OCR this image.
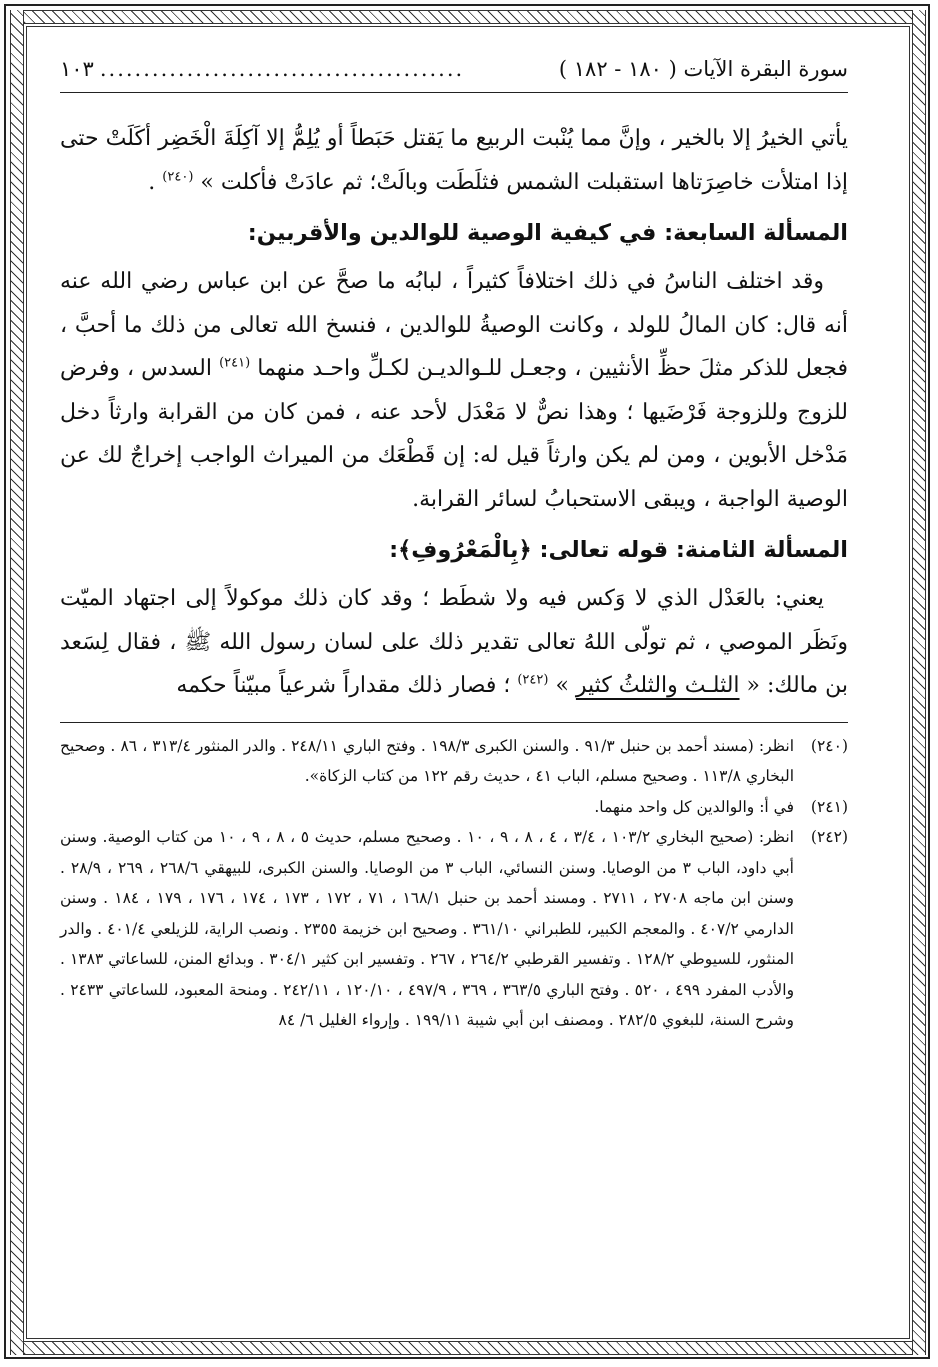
سورة البقرة الآيات ( ١٨٠ - ١٨٢ )
..........................................
١٠٣

يأتي الخيرُ إلا بالخير ، وإنَّ مما يُنْبت الربيع ما يَقتل حَبَطاً أو يُلِمُّ إلا آكِلَةَ الْخَضِر أكَلَتْ حتى إذا امتلأت خاصِرَتاها استقبلت الشمس فثلَطَت وبالَتْ؛ ثم عادَتْ فأكلت » $^{(٢٤٠)}$ .

المسألة السابعة: في كيفية الوصية للوالدين والأقربين:

وقد اختلف الناسُ في ذلك اختلافاً كثيراً ، لبابُه ما صحَّ عن ابن عباس رضي الله عنه أنه قال: كان المالُ للولد ، وكانت الوصيةُ للوالدين ، فنسخ الله تعالى من ذلك ما أحبَّ ، فجعل للذكر مثلَ حظِّ الأنثيين ، وجعـل للـوالديـن لكـلِّ واحـد منهما $^{(٢٤١)}$ السدس ، وفرض للزوج وللزوجة فَرْضَيها ؛ وهذا نصٌّ لا مَعْدَل لأحد عنه ، فمن كان من القرابة وارثاً دخل مَدْخل الأبوين ، ومن لم يكن وارثاً قيل له: إن قَطْعَك من الميراث الواجب إخراجٌ لك عن الوصية الواجبة ، ويبقى الاستحبابُ لسائر القرابة.

المسألة الثامنة: قوله تعالى: ﴿بِالْمَعْرُوفِ﴾:

يعني: بالعَدْل الذي لا وَكس فيه ولا شطَط ؛ وقد كان ذلك موكولاً إلى اجتهاد الميّت ونَظَر الموصي ، ثم تولّى اللهُ تعالى تقدير ذلك على لسان رسول الله ﷺ ، فقال لِسَعد بن مالك: « الثلـث والثلثُ كثير » $^{(٢٤٢)}$ ؛ فصار ذلك مقداراً شرعياً مبيّناً حكمه

(٢٤٠)
انظر: (مسند أحمد بن حنبل ٩١/٣ . والسنن الكبرى ١٩٨/٣ . وفتح الباري ٢٤٨/١١ . والدر المنثور ٣١٣/٤ ، ٨٦ . وصحيح البخاري ١١٣/٨ . وصحيح مسلم، الباب ٤١ ، حديث رقم ١٢٢ من كتاب الزكاة».
(٢٤١)
في أ: والوالدين كل واحد منهما.
(٢٤٢)
انظر: (صحيح البخاري ١٠٣/٢ ، ٣/٤ ، ٤ ، ٨ ، ٩ ، ١٠ . وصحيح مسلم، حديث ٥ ، ٨ ، ٩ ، ١٠ من كتاب الوصية. وسنن أبي داود، الباب ٣ من الوصايا. وسنن النسائي، الباب ٣ من الوصايا. والسنن الكبرى، للبيهقي ٢٦٨/٦ ، ٢٦٩ ، ٢٨/٩ . وسنن ابن ماجه ٢٧٠٨ ، ٢٧١١ . ومسند أحمد بن حنبل ١٦٨/١ ، ٧١ ، ١٧٢ ، ١٧٣ ، ١٧٤ ، ١٧٦ ، ١٧٩ ، ١٨٤ . وسنن الدارمي ٤٠٧/٢ . والمعجم الكبير، للطبراني ٣٦١/١٠ . وصحيح ابن خزيمة ٢٣٥٥ . ونصب الراية، للزيلعي ٤٠١/٤ . والدر المنثور، للسيوطي ١٢٨/٢ . وتفسير القرطبي ٢٦٤/٢ ، ٢٦٧ . وتفسير ابن كثير ٣٠٤/١ . وبدائع المنن، للساعاتي ١٣٨٣ . والأدب المفرد ٤٩٩ ، ٥٢٠ . وفتح الباري ٣٦٣/٥ ، ٣٦٩ ، ٤٩٧/٩ ، ١٢٠/١٠ ، ٢٤٢/١١ . ومنحة المعبود، للساعاتي ٢٤٣٣ . وشرح السنة، للبغوي ٢٨٢/٥ . ومصنف ابن أبي شيبة ١٩٩/١١ . وإرواء الغليل ٦/ ٨٤
